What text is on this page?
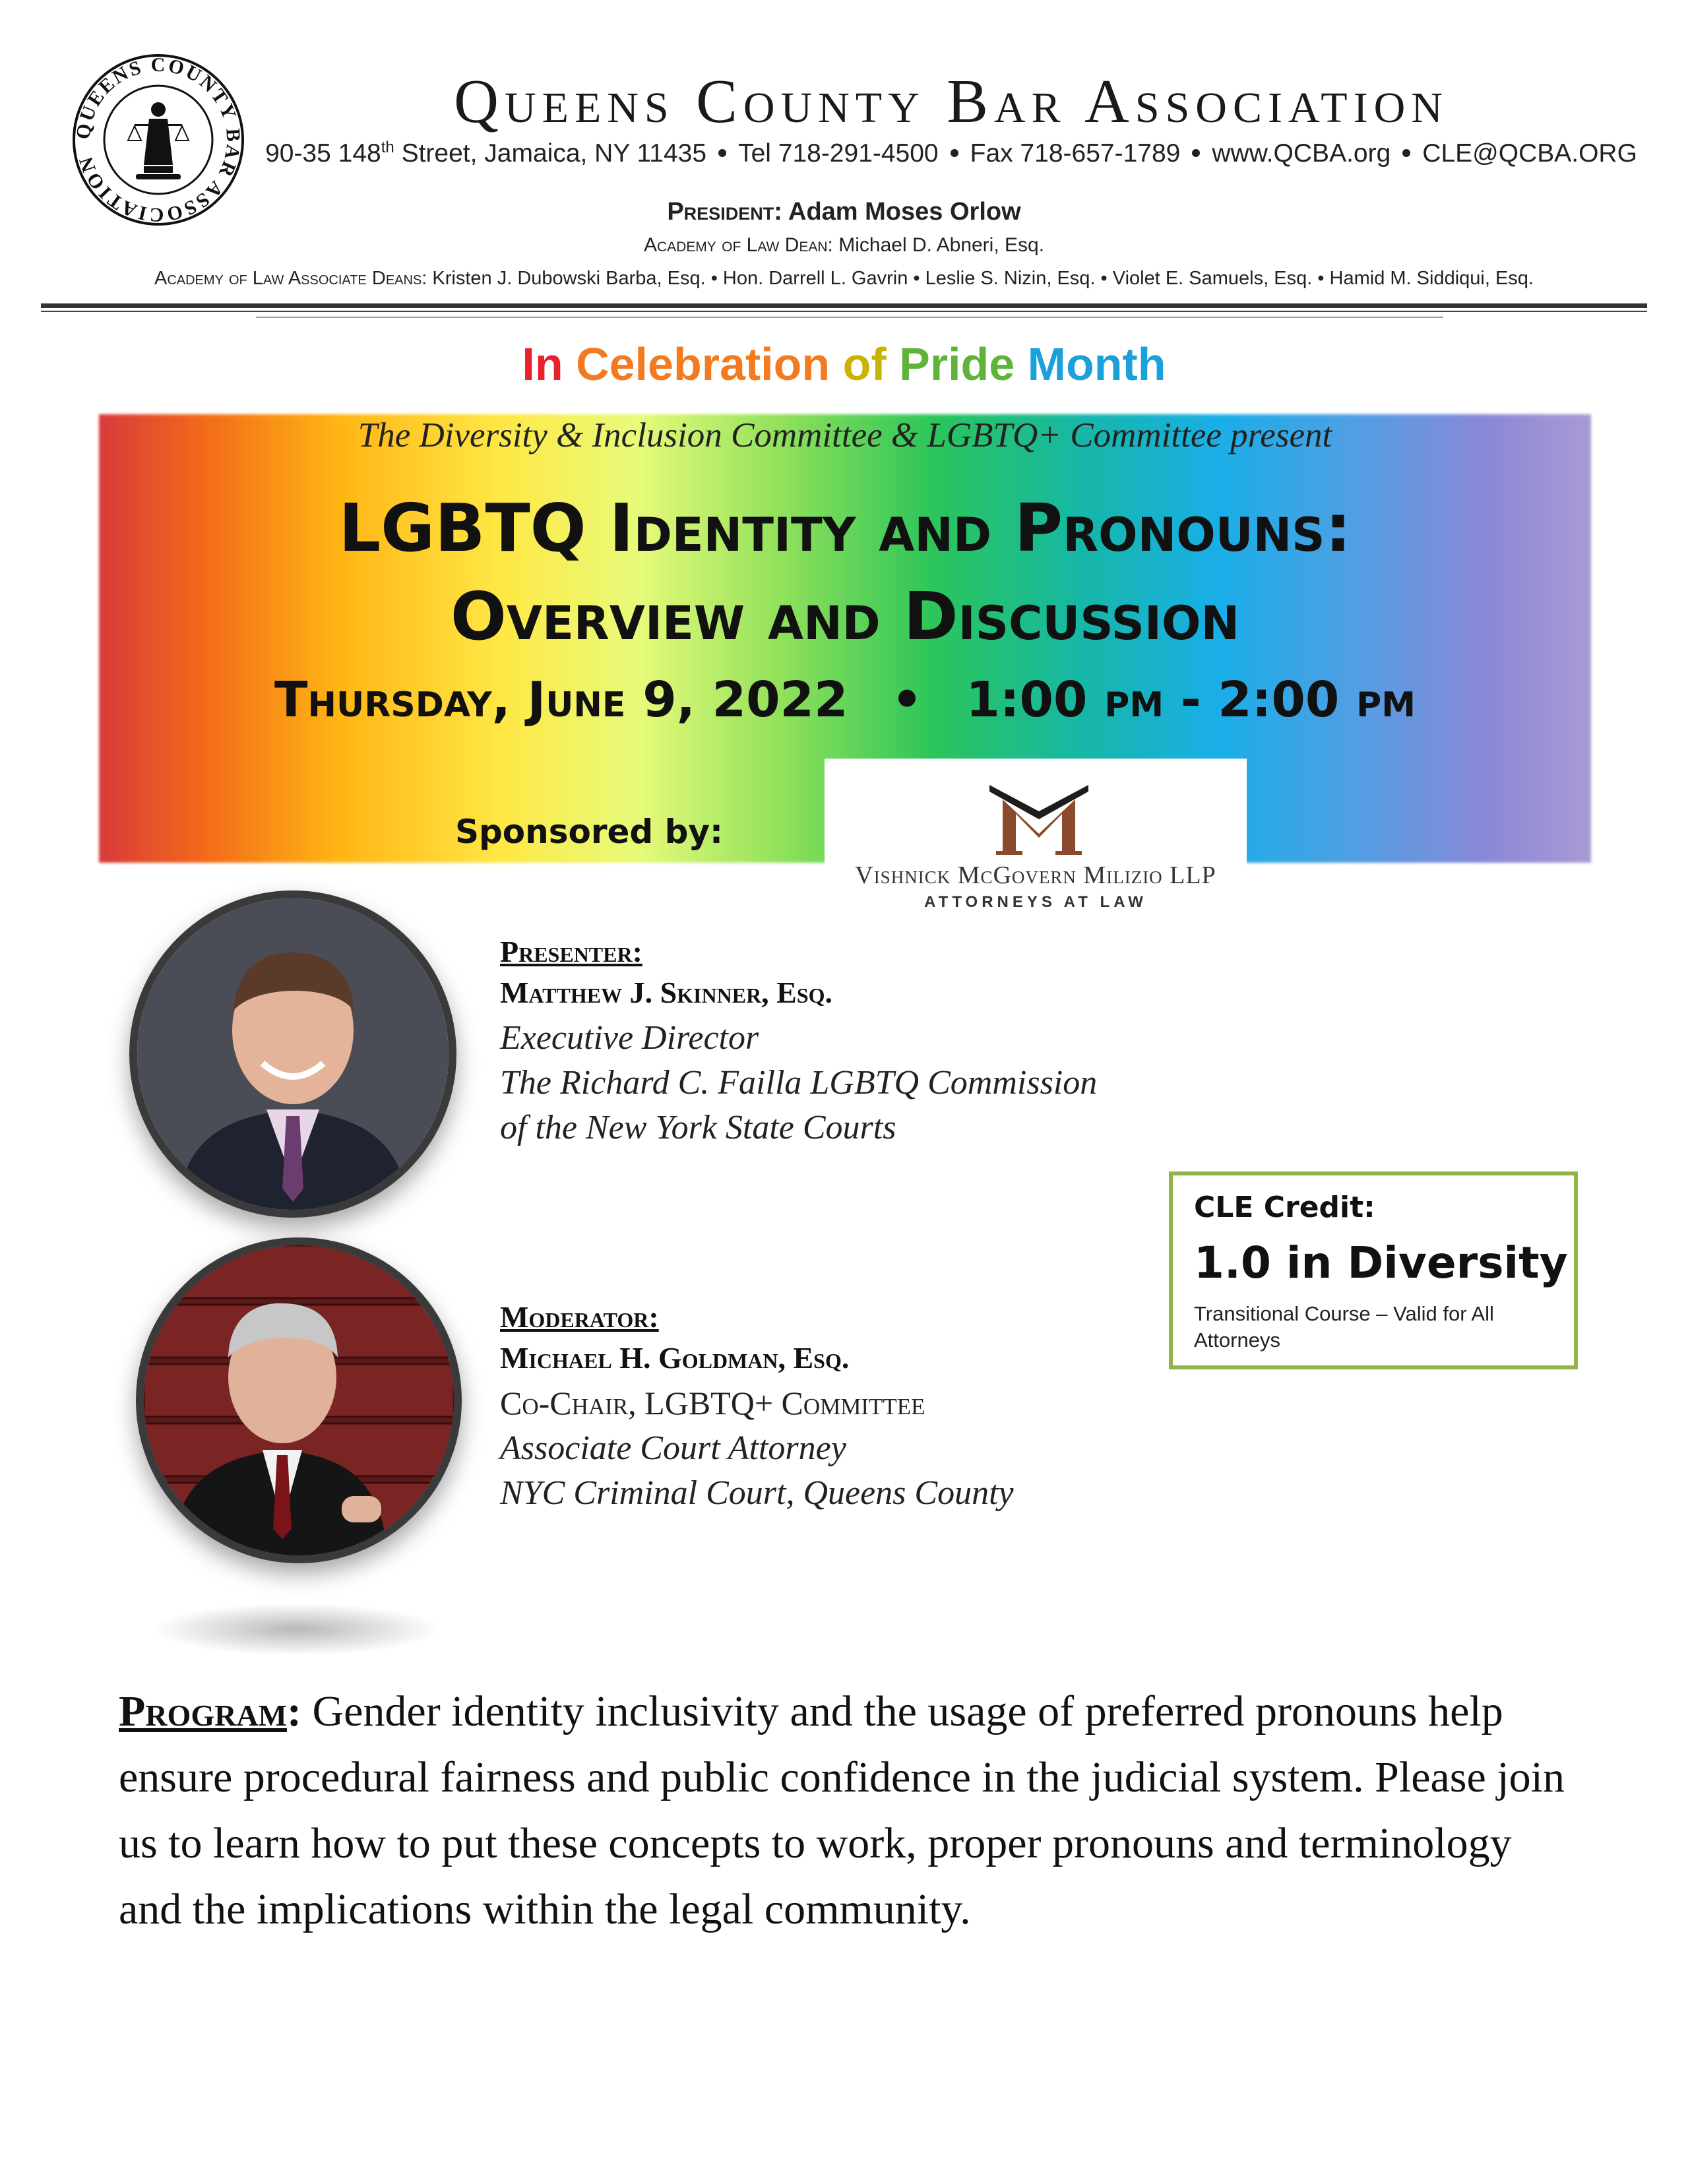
QUEENS COUNTY BAR ASSOCIATION
Queens County Bar Association
90-35 148th Street, Jamaica, NY 11435 Tel 718-291-4500 Fax 718-657-1789 www.QCBA.org CLE@QCBA.ORG
President: Adam Moses Orlow
Academy of Law Dean: Michael D. Abneri, Esq.
Academy of Law Associate Deans: Kristen J. Dubowski Barba, Esq. • Hon. Darrell L. Gavrin • Leslie S. Nizin, Esq. • Violet E. Samuels, Esq. • Hamid M. Siddiqui, Esq.
In Celebration of Pride Month
The Diversity & Inclusion Committee & LGBTQ+ Committee present
LGBTQ Identity and Pronouns:
Overview and Discussion
Thursday, June 9, 2022 • 1:00 pm - 2:00 pm
Sponsored by:
Vishnick McGovern Milizio LLP
ATTORNEYS AT LAW
Presenter:
Matthew J. Skinner, Esq.
Executive Director
The Richard C. Failla LGBTQ Commission
of the New York State Courts
Moderator:
Michael H. Goldman, Esq.
Co-Chair, LGBTQ+ Committee
Associate Court Attorney
NYC Criminal Court, Queens County
CLE Credit:
1.0 in Diversity
Transitional Course – Valid for All Attorneys
Program: Gender identity inclusivity and the usage of preferred pronouns help ensure procedural fairness and public confidence in the judicial system. Please join us to learn how to put these concepts to work, proper pronouns and terminology and the implications within the legal community.
